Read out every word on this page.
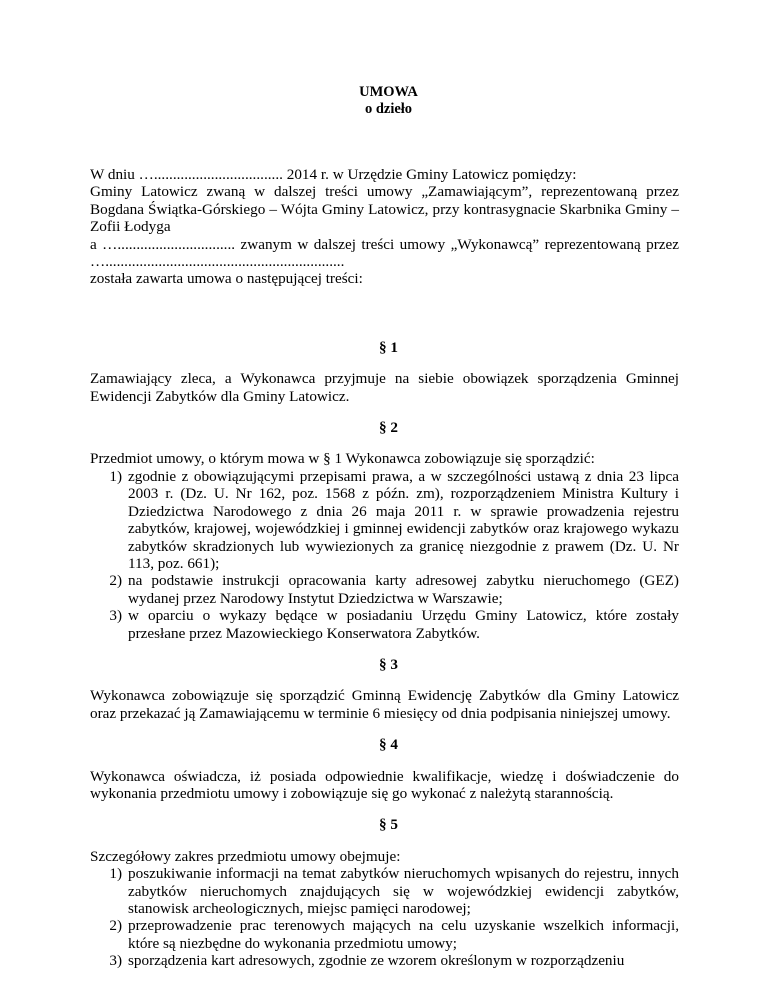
UMOWA
o dzieło

W dniu ….................................. 2014 r. w Urzędzie Gminy Latowicz pomiędzy:

Gminy Latowicz zwaną w dalszej treści umowy „Zamawiającym”, reprezentowaną przez Bogdana Świątka-Górskiego – Wójta Gminy Latowicz, przy kontrasygnacie Skarbnika Gminy – Zofii Łodyga

a …............................... zwanym w dalszej treści umowy „Wykonawcą” reprezentowaną przez …...............................................................

została zawarta umowa o następującej treści:

§ 1

Zamawiający zleca, a Wykonawca przyjmuje na siebie obowiązek sporządzenia Gminnej Ewidencji Zabytków dla Gminy Latowicz.

§ 2

Przedmiot umowy, o którym mowa w § 1 Wykonawca zobowiązuje się sporządzić:

1) zgodnie z obowiązującymi przepisami prawa, a w szczególności ustawą z dnia 23 lipca 2003 r. (Dz. U. Nr 162, poz. 1568 z późn. zm), rozporządzeniem Ministra Kultury i Dziedzictwa Narodowego z dnia 26 maja 2011 r. w sprawie prowadzenia rejestru zabytków, krajowej, wojewódzkiej i gminnej ewidencji zabytków oraz krajowego wykazu zabytków skradzionych lub wywiezionych za granicę niezgodnie z prawem (Dz. U. Nr 113, poz. 661);
2) na podstawie instrukcji opracowania karty adresowej zabytku nieruchomego (GEZ) wydanej przez Narodowy Instytut Dziedzictwa w Warszawie;
3) w oparciu o wykazy będące w posiadaniu Urzędu Gminy Latowicz, które zostały przesłane przez Mazowieckiego Konserwatora Zabytków.
§ 3

Wykonawca zobowiązuje się sporządzić Gminną Ewidencję Zabytków dla Gminy Latowicz oraz przekazać ją Zamawiającemu w terminie 6 miesięcy od dnia podpisania niniejszej umowy.

§ 4

Wykonawca oświadcza, iż posiada odpowiednie kwalifikacje, wiedzę i doświadczenie do wykonania przedmiotu umowy i zobowiązuje się go wykonać z należytą starannością.

§ 5

Szczegółowy zakres przedmiotu umowy obejmuje:

1) poszukiwanie informacji na temat zabytków nieruchomych wpisanych do rejestru, innych zabytków nieruchomych znajdujących się w wojewódzkiej ewidencji zabytków, stanowisk archeologicznych, miejsc pamięci narodowej;
2) przeprowadzenie prac terenowych mających na celu uzyskanie wszelkich informacji, które są niezbędne do wykonania przedmiotu umowy;
3) sporządzenia kart adresowych, zgodnie ze wzorem określonym w rozporządzeniu
